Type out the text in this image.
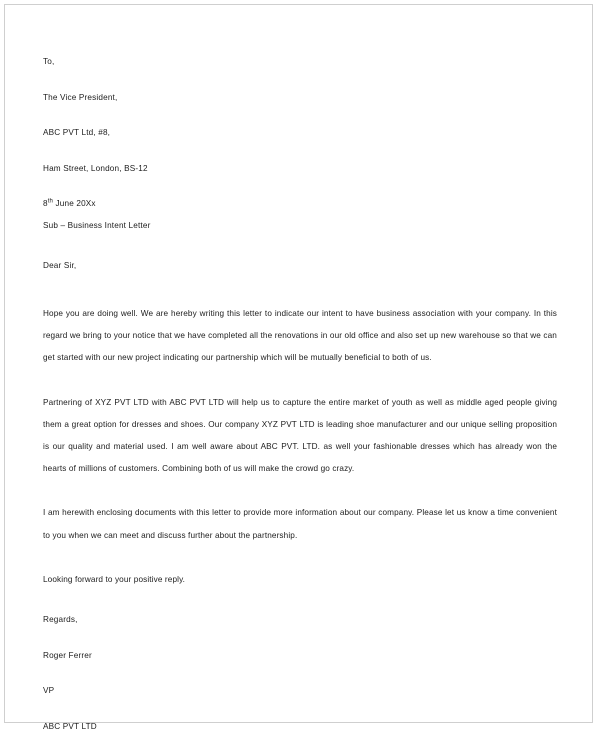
To,
The Vice President,
ABC PVT Ltd, #8,
Ham Street, London, BS-12
8th June 20Xx
Sub – Business Intent Letter
Dear Sir,

Hope you are doing well. We are hereby writing this letter to indicate our intent to have business association with your company. In this regard we bring to your notice that we have completed all the renovations in our old office and also set up new warehouse so that we can get started with our new project indicating our partnership which will be mutually beneficial to both of us.

Partnering of XYZ PVT LTD with ABC PVT LTD will help us to capture the entire market of youth as well as middle aged people giving them a great option for dresses and shoes. Our company XYZ PVT LTD is leading shoe manufacturer and our unique selling proposition is our quality and material used. I am well aware about ABC PVT. LTD. as well your fashionable dresses which has already won the hearts of millions of customers. Combining both of us will make the crowd go crazy.

I am herewith enclosing documents with this letter to provide more information about our company. Please let us know a time convenient to you when we can meet and discuss further about the partnership.

Looking forward to your positive reply.

Regards,
Roger Ferrer
VP
ABC PVT LTD
